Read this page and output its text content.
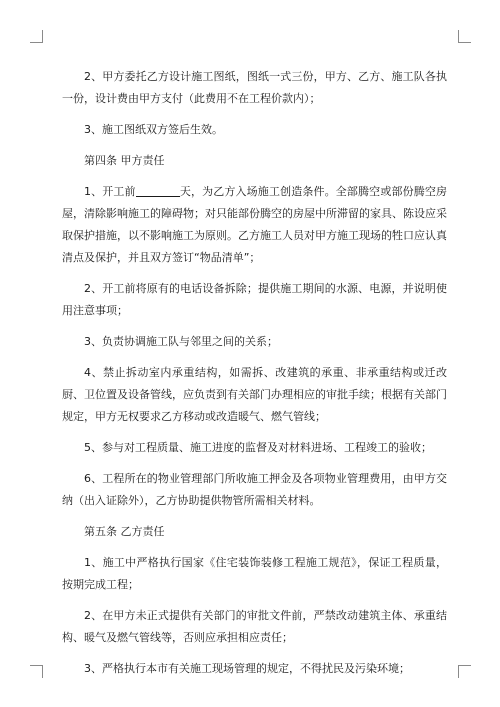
2、甲方委托乙方设计施工图纸，图纸一式三份，甲方、乙方、施工队各执一份，设计费由甲方支付（此费用不在工程价款内）；

3、施工图纸双方签后生效。

第四条 甲方责任

1、开工前	天，为乙方入场施工创造条件。全部腾空或部份腾空房屋，清除影响施工的障碍物；对只能部份腾空的房屋中所滞留的家具、陈设应采取保护措施，以不影响施工为原则。乙方施工人员对甲方施工现场的牲口应认真清点及保护，并且双方签订“物品清单”；

2、开工前将原有的电话设备拆除；提供施工期间的水源、电源，并说明使用注意事项；

3、负责协调施工队与邻里之间的关系；

4、禁止拆动室内承重结构，如需拆、改建筑的承重、非承重结构或迁改厨、卫位置及设备管线，应负责到有关部门办理相应的审批手续；根据有关部门规定，甲方无权要求乙方移动或改造暖气、燃气管线；

5、参与对工程质量、施工进度的监督及对材料进场、工程竣工的验收；

6、工程所在的物业管理部门所收施工押金及各项物业管理费用，由甲方交纳（出入证除外），乙方协助提供物管所需相关材料。

第五条 乙方责任

1、施工中严格执行国家《住宅装饰装修工程施工规范》，保证工程质量，按期完成工程；

2、在甲方未正式提供有关部门的审批文件前，严禁改动建筑主体、承重结构、暖气及燃气管线等，否则应承担相应责任；

3、严格执行本市有关施工现场管理的规定，不得扰民及污染环境；
